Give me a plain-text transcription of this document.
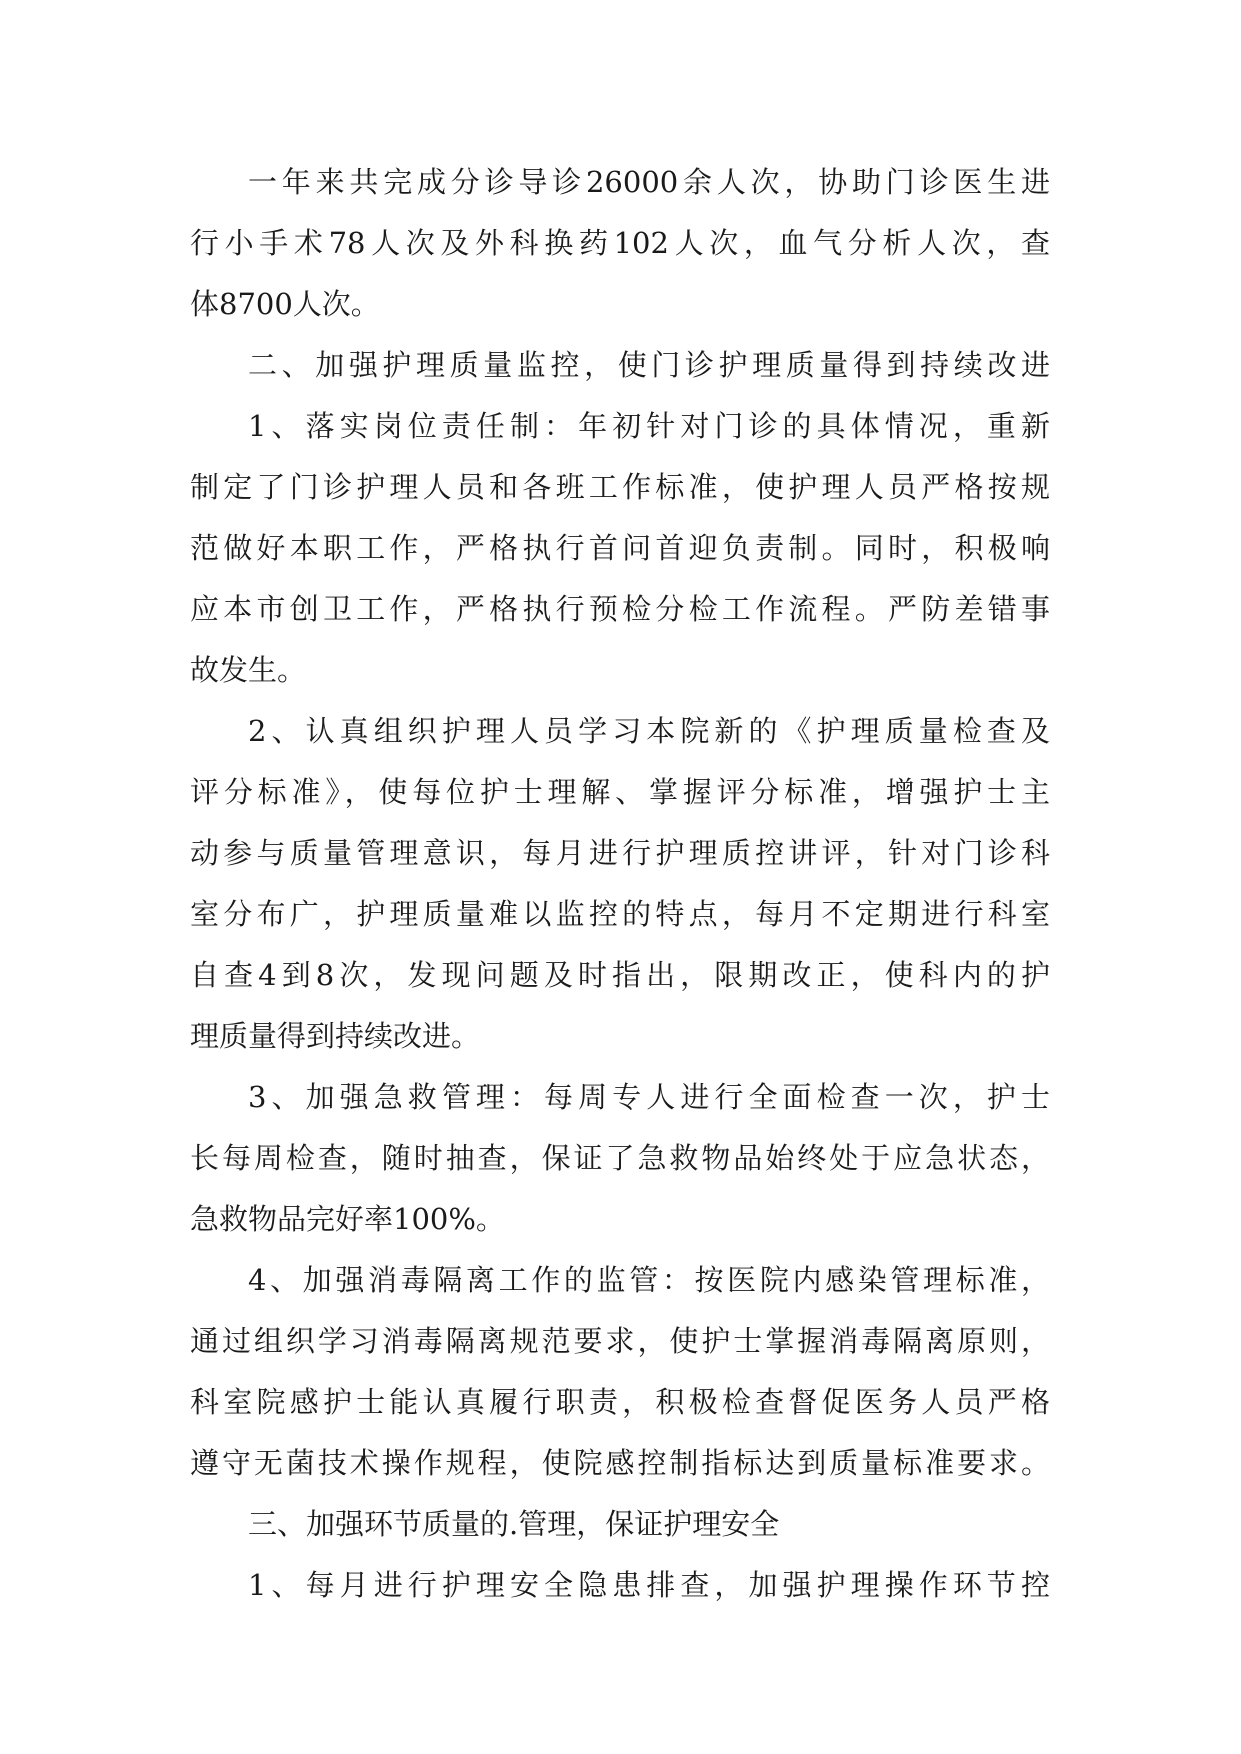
一年来共完成分诊导诊26000余人次，协助门诊医生进
行小手术78人次及外科换药102人次，血气分析人次，查
体8700人次。
二、加强护理质量监控，使门诊护理质量得到持续改进
1、落实岗位责任制：年初针对门诊的具体情况，重新
制定了门诊护理人员和各班工作标准，使护理人员严格按规
范做好本职工作，严格执行首问首迎负责制。同时，积极响
应本市创卫工作，严格执行预检分检工作流程。严防差错事
故发生。
2、认真组织护理人员学习本院新的《护理质量检查及
评分标准》，使每位护士理解、掌握评分标准，增强护士主
动参与质量管理意识，每月进行护理质控讲评，针对门诊科
室分布广，护理质量难以监控的特点，每月不定期进行科室
自查4到8次，发现问题及时指出，限期改正，使科内的护
理质量得到持续改进。
3、加强急救管理：每周专人进行全面检查一次，护士
长每周检查，随时抽查，保证了急救物品始终处于应急状态，
急救物品完好率100%。
4、加强消毒隔离工作的监管：按医院内感染管理标准，
通过组织学习消毒隔离规范要求，使护士掌握消毒隔离原则，
科室院感护士能认真履行职责，积极检查督促医务人员严格
遵守无菌技术操作规程，使院感控制指标达到质量标准要求。
三、加强环节质量的.管理，保证护理安全
1、每月进行护理安全隐患排查，加强护理操作环节控
